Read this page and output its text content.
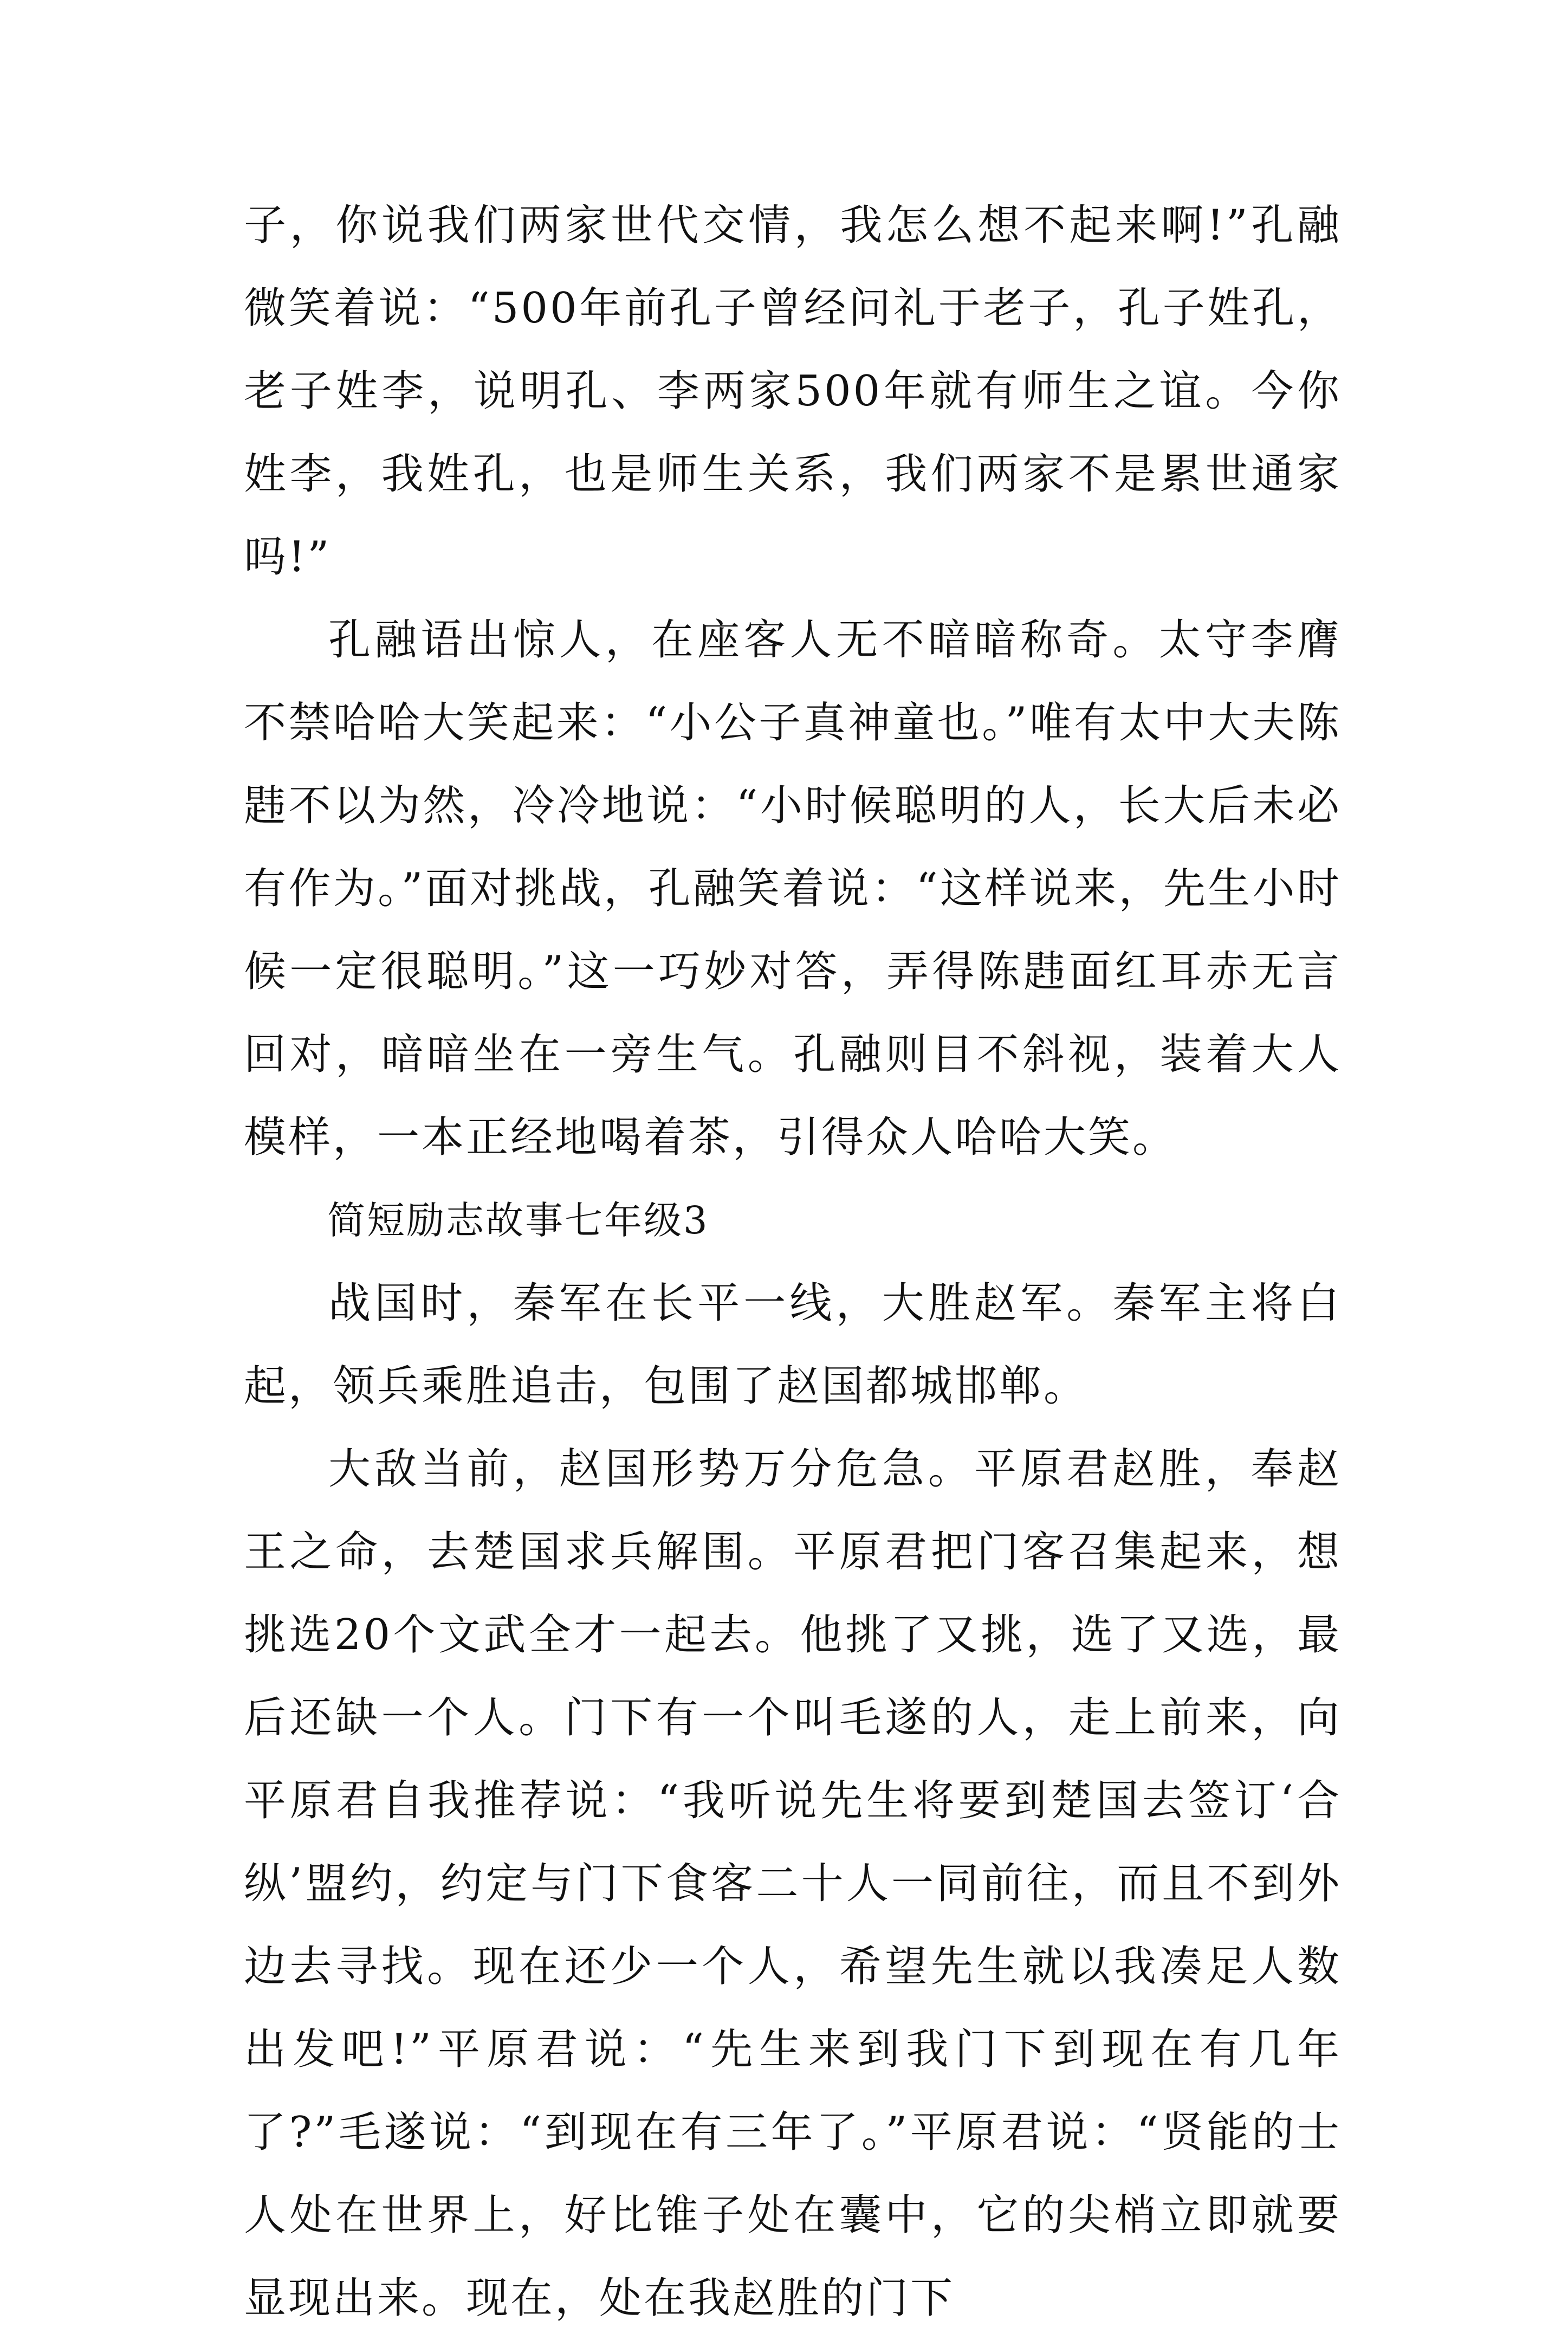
子，你说我们两家世代交情，我怎么想不起来啊!”孔融微笑着说：“500年前孔子曾经问礼于老子，孔子姓孔，老子姓李，说明孔、李两家500年就有师生之谊。今你姓李，我姓孔，也是师生关系，我们两家不是累世通家吗!”

孔融语出惊人，在座客人无不暗暗称奇。太守李膺不禁哈哈大笑起来：“小公子真神童也。”唯有太中大夫陈韪不以为然，冷冷地说：“小时候聪明的人，长大后未必有作为。”面对挑战，孔融笑着说：“这样说来，先生小时候一定很聪明。”这一巧妙对答，弄得陈韪面红耳赤无言回对，暗暗坐在一旁生气。孔融则目不斜视，装着大人模样，一本正经地喝着茶，引得众人哈哈大笑。

简短励志故事七年级3

战国时，秦军在长平一线，大胜赵军。秦军主将白起，领兵乘胜追击，包围了赵国都城邯郸。

大敌当前，赵国形势万分危急。平原君赵胜，奉赵王之命，去楚国求兵解围。平原君把门客召集起来，想挑选20个文武全才一起去。他挑了又挑，选了又选，最后还缺一个人。门下有一个叫毛遂的人，走上前来，向平原君自我推荐说：“我听说先生将要到楚国去签订‘合纵’盟约，约定与门下食客二十人一同前往，而且不到外边去寻找。现在还少一个人，希望先生就以我凑足人数出发吧!”平原君说：“先生来到我门下到现在有几年了?”毛遂说：“到现在有三年了。”平原君说：“贤能的士人处在世界上，好比锥子处在囊中，它的尖梢立即就要显现出来。现在，处在我赵胜的门下
